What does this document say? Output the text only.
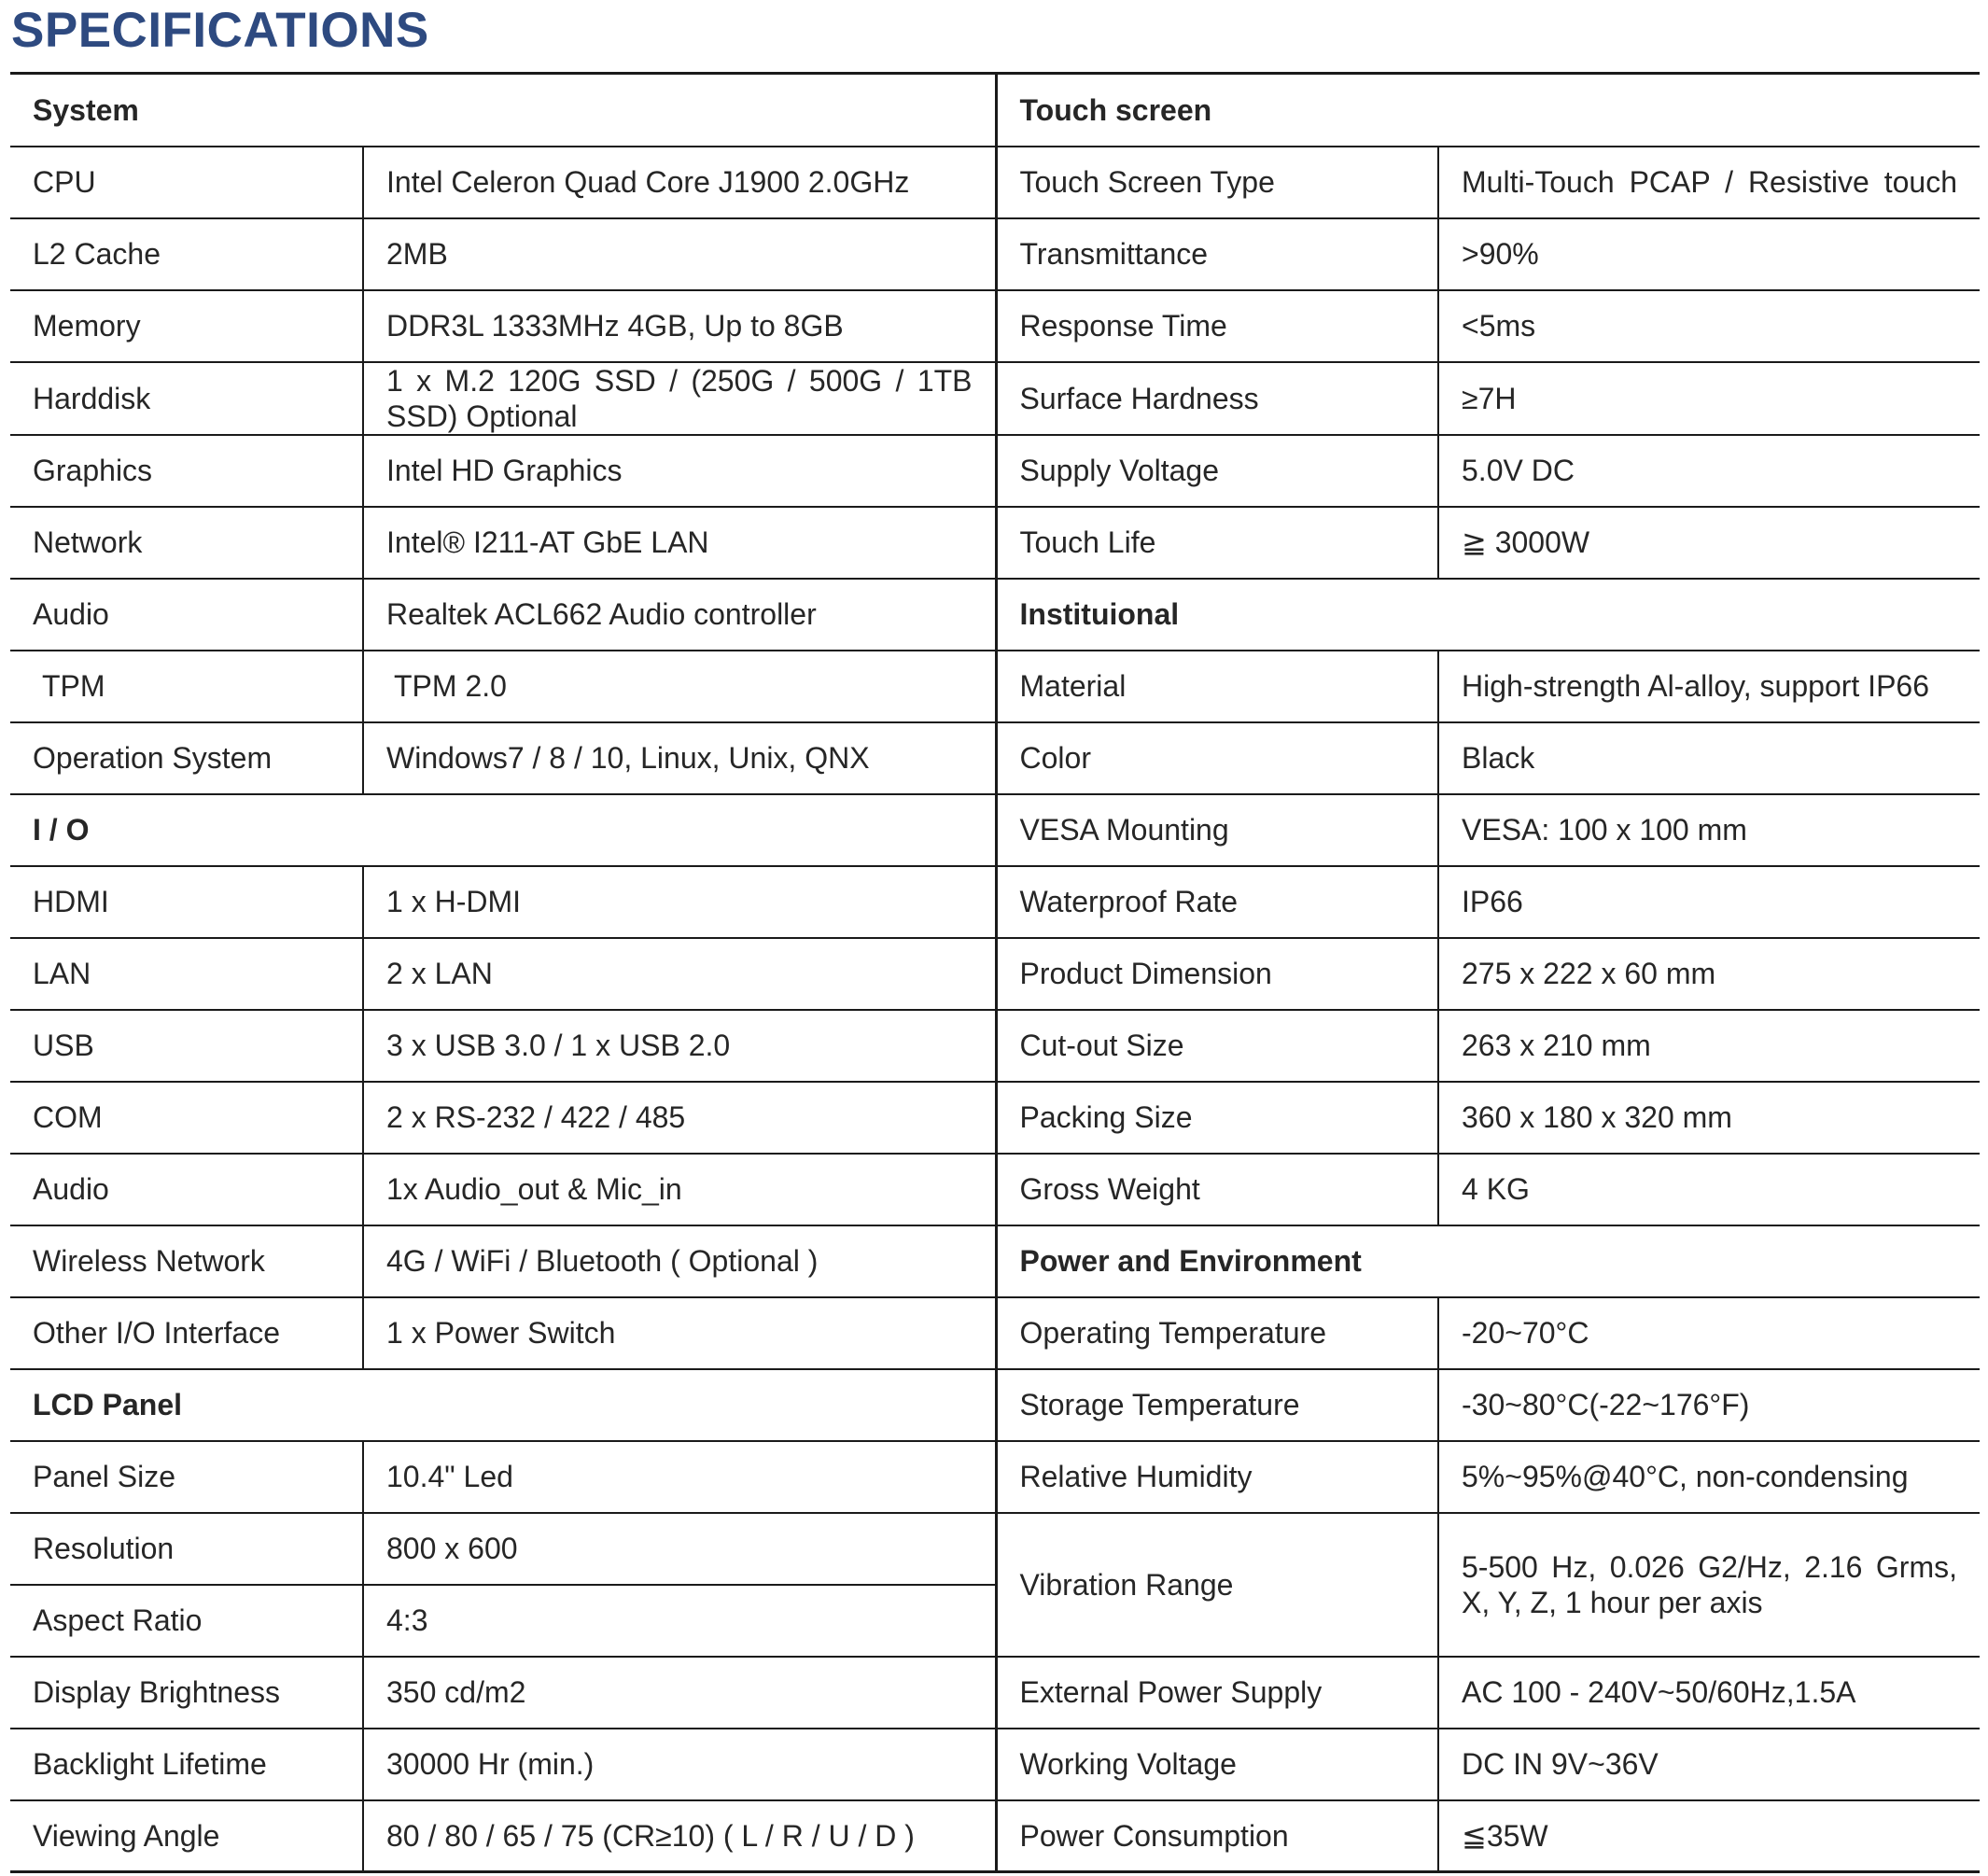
SPECIFICATIONS
System		Touch screen	
CPU	Intel Celeron Quad Core J1900 2.0GHz	Touch Screen Type	Multi-Touch PCAP / Resistive touch
L2 Cache	2MB	Transmittance	>90%
Memory	DDR3L 1333MHz 4GB, Up to 8GB	Response Time	<5ms
Harddisk	1 x M.2 120G SSD / (250G / 500G / 1TB SSD) Optional	Surface Hardness	≥7H
Graphics	Intel HD Graphics	Supply Voltage	5.0V DC
Network	Intel® I211-AT GbE LAN	Touch Life	≧ 3000W
Audio	Realtek ACL662 Audio controller	Instituional	
TPM	TPM 2.0	Material	High-strength Al-alloy, support IP66
Operation System	Windows7 / 8 / 10, Linux, Unix, QNX	Color	Black
I / O		VESA Mounting	VESA: 100 x 100 mm
HDMI	1 x H-DMI	Waterproof Rate	IP66
LAN	2 x LAN	Product Dimension	275 x 222 x 60 mm
USB	3 x USB 3.0 / 1 x USB 2.0	Cut-out Size	263 x 210 mm
COM	2 x RS-232 / 422 / 485	Packing Size	360 x 180 x 320 mm
Audio	1x Audio_out & Mic_in	Gross Weight	4 KG
Wireless Network	4G / WiFi / Bluetooth ( Optional )	Power and Environment	
Other I/O Interface	1 x Power Switch	Operating Temperature	-20~70°C
LCD Panel		Storage Temperature	-30~80°C(-22~176°F)
Panel Size	10.4" Led	Relative Humidity	5%~95%@40°C, non-condensing
Resolution	800 x 600	Vibration Range	5-500 Hz, 0.026 G2/Hz, 2.16 Grms, X, Y, Z, 1 hour per axis
Aspect Ratio	4:3		
Display Brightness	350 cd/m2	External Power Supply	AC 100 - 240V~50/60Hz,1.5A
Backlight Lifetime	30000 Hr (min.)	Working Voltage	DC IN 9V~36V
Viewing Angle	80 / 80 / 65 / 75 (CR≥10) ( L / R / U / D )	Power Consumption	≦35W
